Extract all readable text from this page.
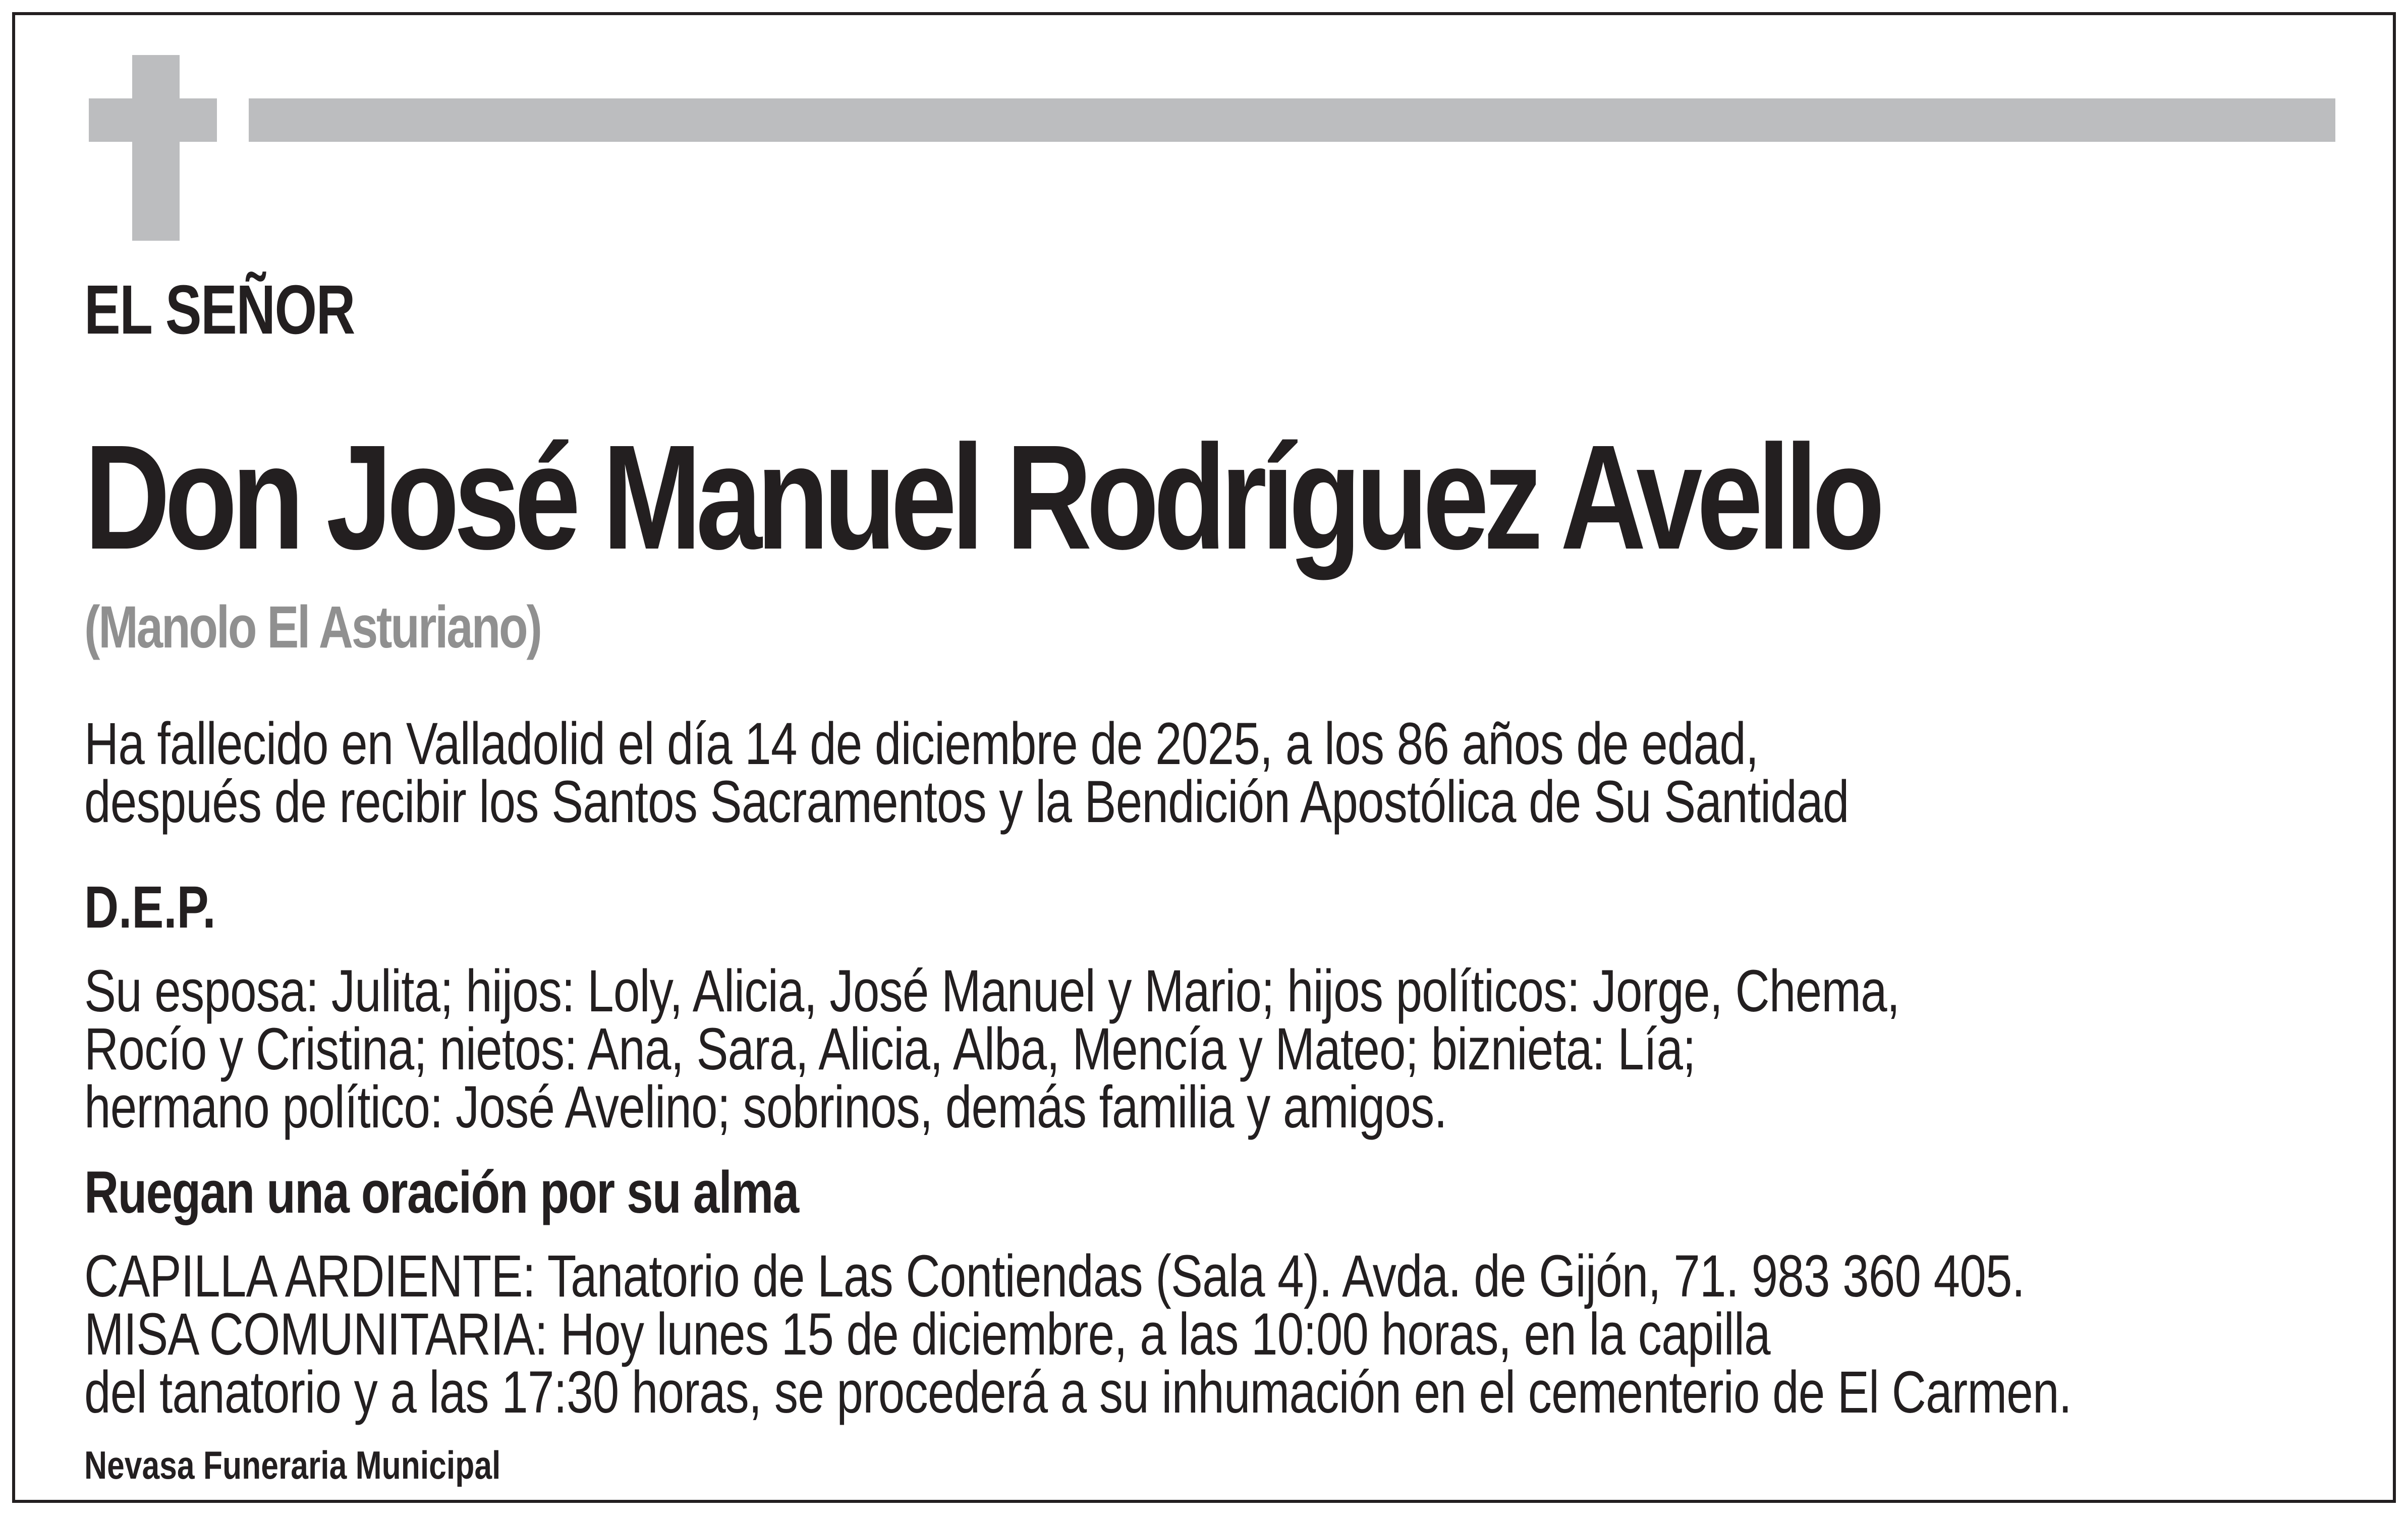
EL SEÑOR
Don José Manuel Rodríguez Avello
(Manolo El Asturiano)
Ha fallecido en Valladolid el día 14 de diciembre de 2025, a los 86 años de edad,
después de recibir los Santos Sacramentos y la Bendición Apostólica de Su Santidad
D.E.P.
Su esposa: Julita; hijos: Loly, Alicia, José Manuel y Mario; hijos políticos: Jorge, Chema,
Rocío y Cristina; nietos: Ana, Sara, Alicia, Alba, Mencía y Mateo; biznieta: Lía;
hermano político: José Avelino; sobrinos, demás familia y amigos.
Ruegan una oración por su alma
CAPILLA ARDIENTE: Tanatorio de Las Contiendas (Sala 4). Avda. de Gijón, 71. 983 360 405.
MISA COMUNITARIA: Hoy lunes 15 de diciembre, a las 10:00 horas, en la capilla
del tanatorio y a las 17:30 horas, se procederá a su inhumación en el cementerio de El Carmen.
Nevasa Funeraria Municipal
